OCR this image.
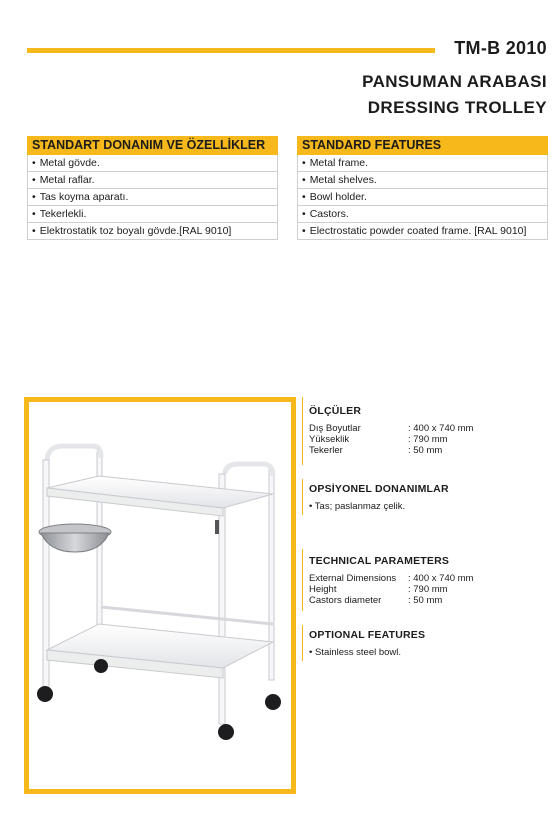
TM-B 2010
PANSUMAN ARABASI
DRESSING TROLLEY
STANDART DONANIM VE ÖZELLİKLER
• Metal gövde.
• Metal raflar.
• Tas koyma aparatı.
• Tekerlekli.
• Elektrostatik toz boyalı gövde.[RAL 9010]
STANDARD FEATURES
• Metal frame.
• Metal shelves.
• Bowl holder.
• Castors.
• Electrostatic powder coated frame. [RAL 9010]
ÖLÇÜLER
Dış Boyutlar	: 400 x 740 mm
Yükseklik	: 790 mm
Tekerler	: 50 mm
OPSİYONEL DONANIMLAR
• Tas; paslanmaz çelik.
TECHNICAL PARAMETERS
External Dimensions : 400 x 740 mm
Height	: 790 mm
Castors diameter	: 50 mm
OPTIONAL FEATURES
• Stainless steel bowl.
